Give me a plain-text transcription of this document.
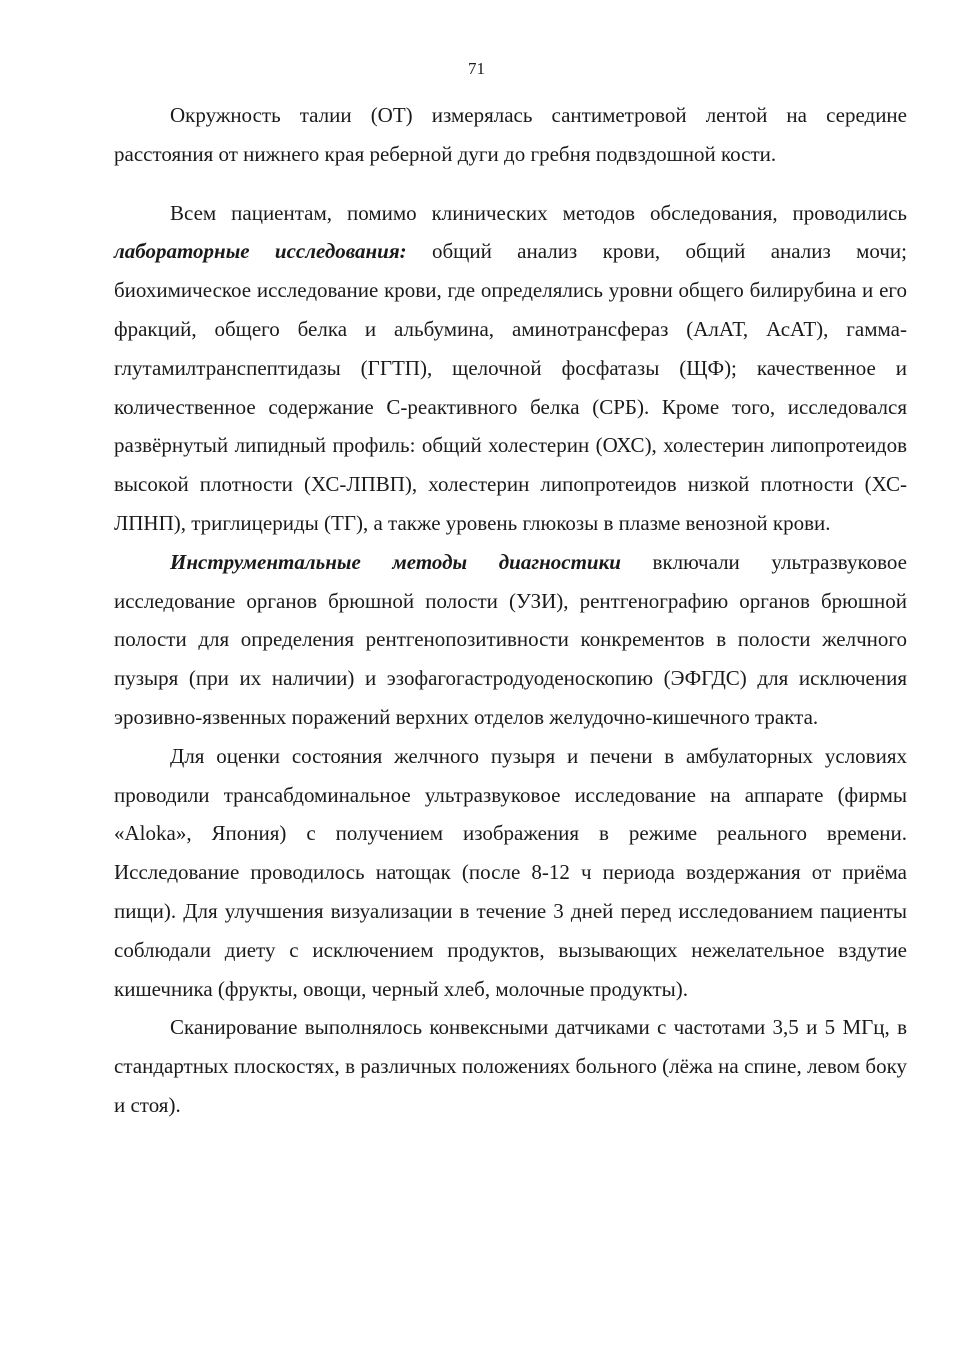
71

Окружность талии (ОТ) измерялась сантиметровой лентой на середине расстояния от нижнего края реберной дуги до гребня подвздошной кости.

Всем пациентам, помимо клинических методов обследования, проводились лабораторные исследования: общий анализ крови, общий анализ мочи; биохимическое исследование крови, где определялись уровни общего билирубина и его фракций, общего белка и альбумина, аминотрансфераз (АлАТ, АсАТ), гамма-глутамилтранспептидазы (ГГТП), щелочной фосфатазы (ЩФ); качественное и количественное содержание С-реактивного белка (СРБ). Кроме того, исследовался развёрнутый липидный профиль: общий холестерин (ОХС), холестерин липопротеидов высокой плотности (ХС-ЛПВП), холестерин липопротеидов низкой плотности (ХС-ЛПНП), триглицериды (ТГ), а также уровень глюкозы в плазме венозной крови.

Инструментальные методы диагностики включали ультразвуковое исследование органов брюшной полости (УЗИ), рентгенографию органов брюшной полости для определения рентгенопозитивности конкрементов в полости желчного пузыря (при их наличии) и эзофагогастродуоденоскопию (ЭФГДС) для исключения эрозивно-язвенных поражений верхних отделов желудочно-кишечного тракта.

Для оценки состояния желчного пузыря и печени в амбулаторных условиях проводили трансабдоминальное ультразвуковое исследование на аппарате (фирмы «Aloka», Япония) с получением изображения в режиме реального времени. Исследование проводилось натощак (после 8-12 ч периода воздержания от приёма пищи). Для улучшения визуализации в течение 3 дней перед исследованием пациенты соблюдали диету с исключением продуктов, вызывающих нежелательное вздутие кишечника (фрукты, овощи, черный хлеб, молочные продукты).

Сканирование выполнялось конвексными датчиками с частотами 3,5 и 5 МГц, в стандартных плоскостях, в различных положениях больного (лёжа на спине, левом боку и стоя).
